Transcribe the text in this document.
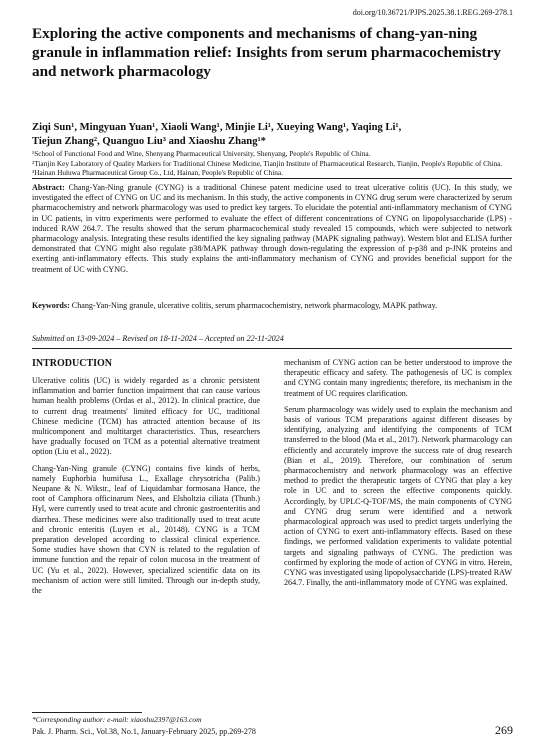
doi.org/10.36721/PJPS.2025.38.1.REG.269-278.1
Exploring the active components and mechanisms of chang-yan-ning granule in inflammation relief: Insights from serum pharmacochemistry and network pharmacology
Ziqi Sun¹, Mingyuan Yuan¹, Xiaoli Wang¹, Minjie Li¹, Xueying Wang¹, Yaqing Li¹,
Tiejun Zhang², Quanguo Liu³ and Xiaoshu Zhang¹*
¹School of Functional Food and Wine, Shenyang Pharmaceutical University, Shenyang, People's Republic of China.
²Tianjin Key Laboratory of Quality Markers for Traditional Chinese Medicine, Tianjin Institute of Pharmaceutical Research, Tianjin, People's Republic of China.
³Hainan Huluwa Pharmaceutical Group Co., Ltd, Hainan, People's Republic of China.
Abstract: Chang-Yan-Ning granule (CYNG) is a traditional Chinese patent medicine used to treat ulcerative colitis (UC). In this study, we investigated the effect of CYNG on UC and its mechanism. In this study, the active components in CYNG drug serum were characterized by serum pharmacochemistry and network pharmacology was used to predict key targets. To elucidate the potential anti-inflammatory mechanism of CYNG in UC patients, in vitro experiments were performed to evaluate the effect of different concentrations of CYNG on lipopolysaccharide (LPS) -induced RAW 264.7. The results showed that the serum pharmacochemical study revealed 15 compounds, which were subjected to network pharmacology analysis. Integrating these results identified the key signaling pathway (MAPK signaling pathway). Western blot and ELISA further demonstrated that CYNG might also regulate p38/MAPK pathway through down-regulating the expression of p-p38 and p-JNK proteins and exerting anti-inflammatory effects. This study explains the anti-inflammatory mechanism of CYNG and provides beneficial support for the treatment of UC with CYNG.
Keywords: Chang-Yan-Ning granule, ulcerative colitis, serum pharmacochemistry, network pharmacology, MAPK pathway.
Submitted on 13-09-2024 – Revised on 18-11-2024 – Accepted on 22-11-2024
INTRODUCTION

Ulcerative colitis (UC) is widely regarded as a chronic persistent inflammation and barrier function impairment that can cause various human health problems (Ordas et al., 2012). In clinical practice, due to current drug treatments' limited efficacy for UC, traditional Chinese medicine (TCM) has attracted attention because of its multicomponent and multitarget characteristics. Thus, researchers have gradually focused on TCM as a potential alternative treatment option (Liu et al., 2022).

Chang-Yan-Ning granule (CYNG) contains five kinds of herbs, namely Euphorbia humifusa L., Exallage chrysotricha (Palib.) Neupane & N. Wikstr., leaf of Liquidambar formosana Hance, the root of Camphora officinarum Nees, and Elsholtzia ciliata (Thunb.) Hyl, were currently used to treat acute and chronic gastroenteritis and diarrhea. These medicines were also traditionally used to treat acute and chronic enteritis (Luyen et al., 20148). CYNG is a TCM preparation developed according to classical clinical experience. Some studies have shown that CYN is related to the regulation of immune function and the repair of colon mucosa in the treatment of UC (Yu et al., 2022). However, specialized scientific data on its mechanism of action were still limited. Through our in-depth study, the

mechanism of CYNG action can be better understood to improve the therapeutic efficacy and safety. The pathogenesis of UC is complex and CYNG contain many ingredients; therefore, its mechanism in the treatment of UC requires clarification.

Serum pharmacology was widely used to explain the mechanism and basis of various TCM preparations against different diseases by identifying, analyzing and identifying the components of TCM transferred to the blood (Ma et al., 2017). Network pharmacology can efficiently and accurately improve the success rate of drug research (Bian et al., 2019). Therefore, our combination of serum pharmacochemistry and network pharmacology was an effective method to predict the therapeutic targets of CYNG that play a key role in UC and to screen the effective components quickly. Accordingly, by UPLC-Q-TOF/MS, the main components of CYNG and CYNG drug serum were identified and a network pharmacological approach was used to predict targets underlying the action of CYNG to exert anti-inflammatory effects. Based on these findings, we performed validation experiments to validate potential targets and signaling pathways of CYNG. The prediction was confirmed by exploring the mode of action of CYNG in vitro. Herein, CYNG was investigated using lipopolysaccharide (LPS)-treated RAW 264.7. Finally, the anti-inflammatory mode of CYNG was explained.

*Corresponding author: e-mail: xiaoshu2397@163.com
Pak. J. Pharm. Sci., Vol.38, No.1, January-February 2025, pp.269-278	269
